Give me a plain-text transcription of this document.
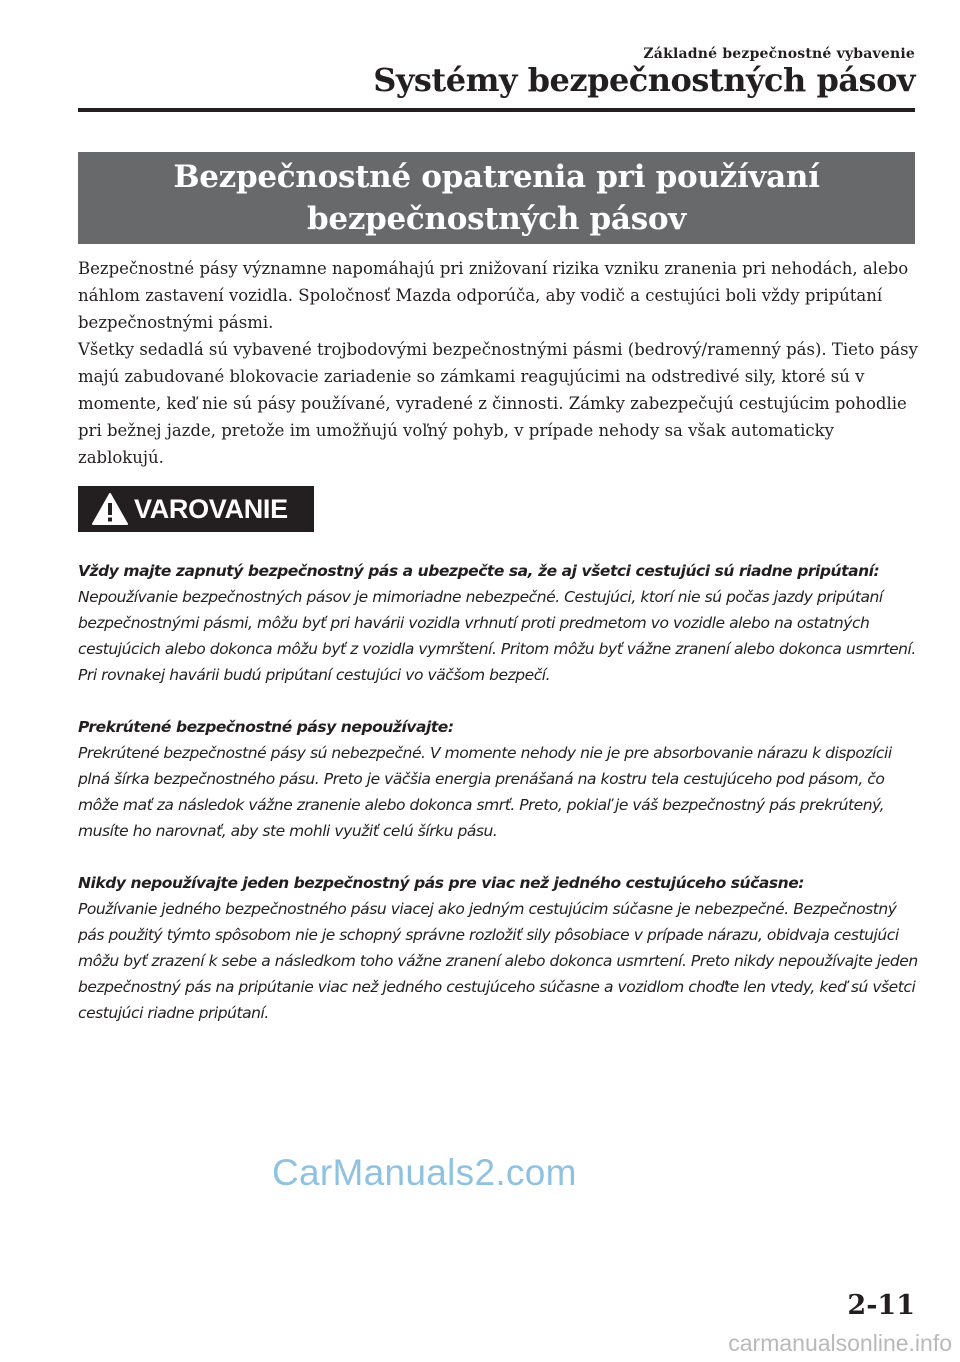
Základné bezpečnostné vybavenie
Systémy bezpečnostných pásov
Bezpečnostné opatrenia pri používaní bezpečnostných pásov

Bezpečnostné pásy významne napomáhajú pri znižovaní rizika vzniku zranenia pri nehodách, alebo náhlom zastavení vozidla. Spoločnosť Mazda odporúča, aby vodič a cestujúci boli vždy pripútaní bezpečnostnými pásmi.

Všetky sedadlá sú vybavené trojbodovými bezpečnostnými pásmi (bedrový/ramenný pás). Tieto pásy majú zabudované blokovacie zariadenie so zámkami reagujúcimi na odstredivé sily, ktoré sú v momente, keď nie sú pásy používané, vyradené z činnosti. Zámky zabezpečujú cestujúcim pohodlie pri bežnej jazde, pretože im umožňujú voľný pohyb, v prípade nehody sa však automaticky zablokujú.

VAROVANIE
Vždy majte zapnutý bezpečnostný pás a ubezpečte sa, že aj všetci cestujúci sú riadne pripútaní:
Nepoužívanie bezpečnostných pásov je mimoriadne nebezpečné. Cestujúci, ktorí nie sú počas jazdy pripútaní bezpečnostnými pásmi, môžu byť pri havárii vozidla vrhnutí proti predmetom vo vozidle alebo na ostatných cestujúcich alebo dokonca môžu byť z vozidla vymrštení. Pritom môžu byť vážne zranení alebo dokonca usmrtení. Pri rovnakej havárii budú pripútaní cestujúci vo väčšom bezpečí.
Prekrútené bezpečnostné pásy nepoužívajte:
Prekrútené bezpečnostné pásy sú nebezpečné. V momente nehody nie je pre absorbovanie nárazu k dispozícii plná šírka bezpečnostného pásu. Preto je väčšia energia prenášaná na kostru tela cestujúceho pod pásom, čo môže mať za následok vážne zranenie alebo dokonca smrť. Preto, pokiaľ je váš bezpečnostný pás prekrútený, musíte ho narovnať, aby ste mohli využiť celú šírku pásu.
Nikdy nepoužívajte jeden bezpečnostný pás pre viac než jedného cestujúceho súčasne:
Používanie jedného bezpečnostného pásu viacej ako jedným cestujúcim súčasne je nebezpečné. Bezpečnostný pás použitý týmto spôsobom nie je schopný správne rozložiť sily pôsobiace v prípade nárazu, obidvaja cestujúci môžu byť zrazení k sebe a následkom toho vážne zranení alebo dokonca usmrtení. Preto nikdy nepoužívajte jeden bezpečnostný pás na pripútanie viac než jedného cestujúceho súčasne a vozidlom choďte len vtedy, keď sú všetci cestujúci riadne pripútaní.
CarManuals2.com
2-11
carmanualsonline.info
